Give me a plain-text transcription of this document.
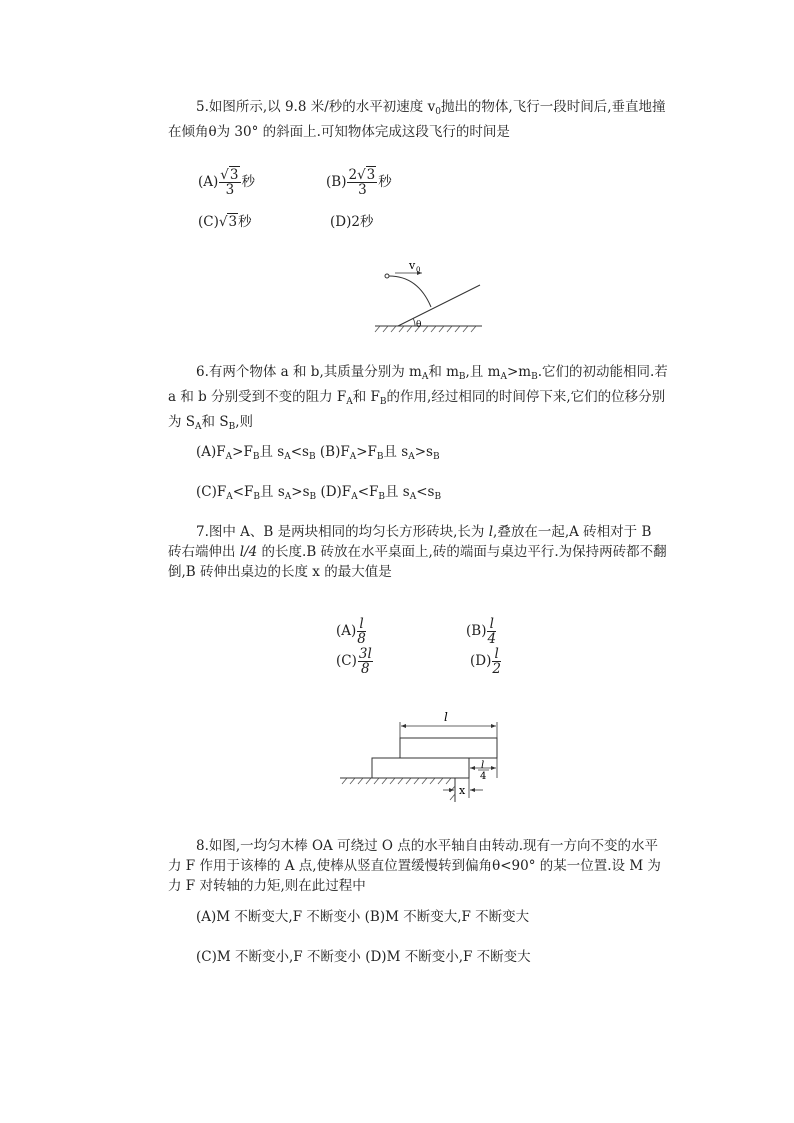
5.如图所示,以 9.8 米/秒的水平初速度 $v_0$抛出的物体,飞行一段时间后,垂直地撞在倾角θ为 30° 的斜面上.可知物体完成这段飞行的时间是
$(A) \frac{√3}{3}$ 秒	$(B) \frac{2√3}{3}$ 秒
(C)√3秒	(D)2秒
v 0
θ
6.有两个物体 a 和 b,其质量分别为 $m_A$和 $m_B$,且 $m_A>m_B$.它们的初动能相同.若 a 和 b 分别受到不变的阻力 $F_A$和 $F_B$的作用,经过相同的时间停下来,它们的位移分别为 $S_A$和 $S_B$,则
$(A)F_A>F_B$且 $s_A<s_B$ $(B)F_A>F_B$且 $s_A>s_B$
$(C)F_A<F_B$且 $s_A>s_B$ $(D)F_A<F_B$且 $s_A<s_B$
7.图中 A、B 是两块相同的均匀长方形砖块,长为 l,叠放在一起,A 砖相对于 B 砖右端伸出 l/4 的长度.B 砖放在水平桌面上,砖的端面与桌边平行.为保持两砖都不翻倒,B 砖伸出桌边的长度 x 的最大值是
$(A) \frac{l}{8}$	$(B) \frac{l}{4}$
$(C) \frac{3l}{8}$	$(D) \frac{l}{2}$
l
l
4
x
8.如图,一均匀木棒 OA 可绕过 O 点的水平轴自由转动.现有一方向不变的水平力 F 作用于该棒的 A 点,使棒从竖直位置缓慢转到偏角θ<90° 的某一位置.设 M 为力 F 对转轴的力矩,则在此过程中
(A)M 不断变大,F 不断变小 (B)M 不断变大,F 不断变大
(C)M 不断变小,F 不断变小 (D)M 不断变小,F 不断变大
